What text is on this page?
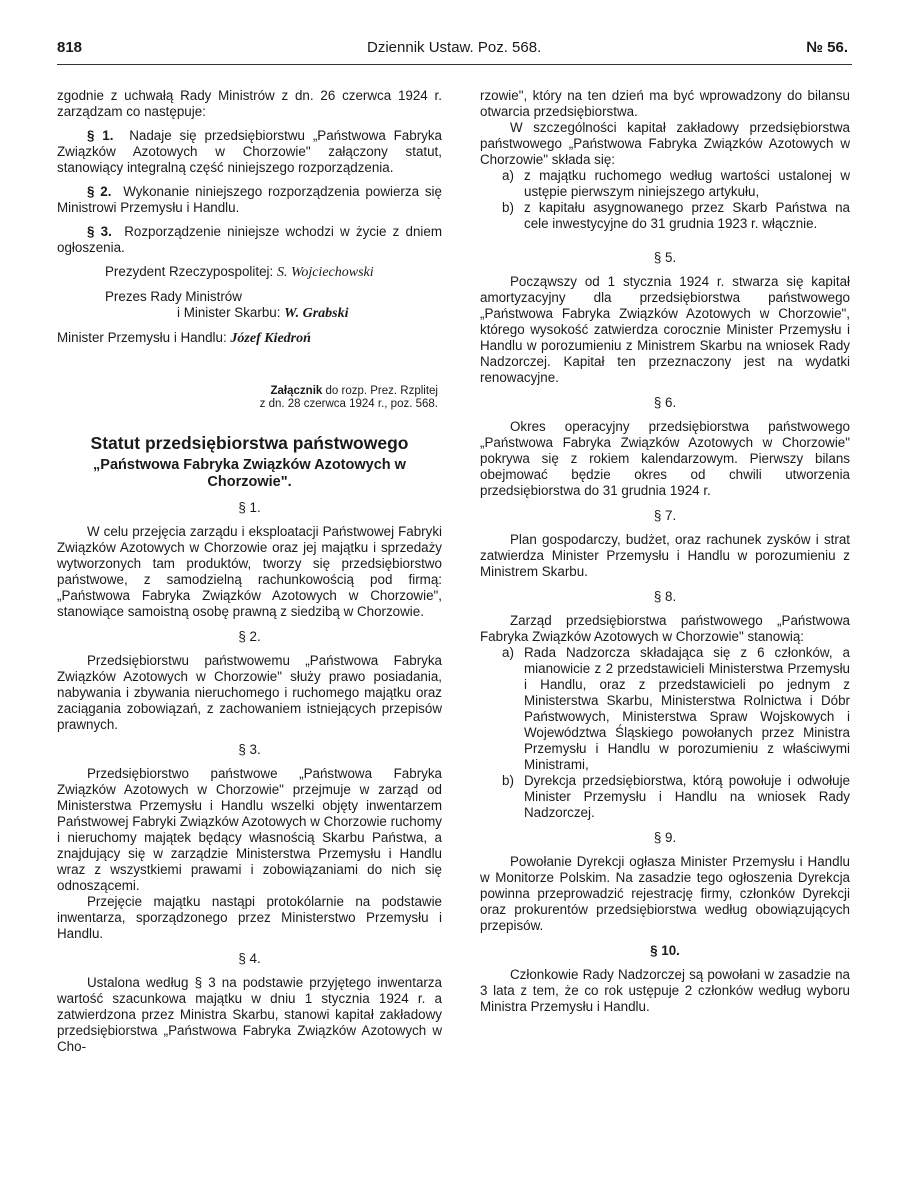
818	Dziennik Ustaw. Poz. 568.	№ 56.

zgodnie z uchwałą Rady Ministrów z dn. 26 czerwca 1924 r. zarządzam co następuje:

§ 1. Nadaje się przedsiębiorstwu „Państwowa Fabryka Związków Azotowych w Chorzowie" załączony statut, stanowiący integralną część niniejszego rozporządzenia.

§ 2. Wykonanie niniejszego rozporządzenia powierza się Ministrowi Przemysłu i Handlu.

§ 3. Rozporządzenie niniejsze wchodzi w życie z dniem ogłoszenia.

Prezydent Rzeczypospolitej: S. Wojciechowski
Prezes Rady Ministrów
i Minister Skarbu: W. Grabski
Minister Przemysłu i Handlu: Józef Kiedroń
Załącznik do rozp. Prez. Rzplitej
z dn. 28 czerwca 1924 r., poz. 568.
Statut przedsiębiorstwa państwowego
„Państwowa Fabryka Związków Azotowych w Chorzowie".
§ 1.

W celu przejęcia zarządu i eksploatacji Państwowej Fabryki Związków Azotowych w Chorzowie oraz jej majątku i sprzedaży wytworzonych tam produktów, tworzy się przedsiębiorstwo państwowe, z samodzielną rachunkowością pod firmą: „Państwowa Fabryka Związków Azotowych w Chorzowie", stanowiące samoistną osobę prawną z siedzibą w Chorzowie.

§ 2.

Przedsiębiorstwu państwowemu „Państwowa Fabryka Związków Azotowych w Chorzowie" służy prawo posiadania, nabywania i zbywania nieruchomego i ruchomego majątku oraz zaciągania zobowiązań, z zachowaniem istniejących przepisów prawnych.

§ 3.

Przedsiębiorstwo państwowe „Państwowa Fabryka Związków Azotowych w Chorzowie" przejmuje w zarząd od Ministerstwa Przemysłu i Handlu wszelki objęty inwentarzem Państwowej Fabryki Związków Azotowych w Chorzowie ruchomy i nieruchomy majątek będący własnością Skarbu Państwa, a znajdujący się w zarządzie Ministerstwa Przemysłu i Handlu wraz z wszystkiemi prawami i zobowiązaniami do nich się odnoszącemi.

Przejęcie majątku nastąpi protokólarnie na podstawie inwentarza, sporządzonego przez Ministerstwo Przemysłu i Handlu.

§ 4.

Ustalona według § 3 na podstawie przyjętego inwentarza wartość szacunkowa majątku w dniu 1 stycznia 1924 r. a zatwierdzona przez Ministra Skarbu, stanowi kapitał zakładowy przedsiębiorstwa „Państwowa Fabryka Związków Azotowych w Cho-

rzowie", który na ten dzień ma być wprowadzony do bilansu otwarcia przedsiębiorstwa.

W szczególności kapitał zakładowy przedsiębiorstwa państwowego „Państwowa Fabryka Związków Azotowych w Chorzowie" składa się:

a) z majątku ruchomego według wartości ustalonej w ustępie pierwszym niniejszego artykułu,

b) z kapitału asygnowanego przez Skarb Państwa na cele inwestycyjne do 31 grudnia 1923 r. włącznie.

§ 5.

Począwszy od 1 stycznia 1924 r. stwarza się kapitał amortyzacyjny dla przedsiębiorstwa państwowego „Państwowa Fabryka Związków Azotowych w Chorzowie", którego wysokość zatwierdza corocznie Minister Przemysłu i Handlu w porozumieniu z Ministrem Skarbu na wniosek Rady Nadzorczej. Kapitał ten przeznaczony jest na wydatki renowacyjne.

§ 6.

Okres operacyjny przedsiębiorstwa państwowego „Państwowa Fabryka Związków Azotowych w Chorzowie" pokrywa się z rokiem kalendarzowym. Pierwszy bilans obejmować będzie okres od chwili utworzenia przedsiębiorstwa do 31 grudnia 1924 r.

§ 7.

Plan gospodarczy, budżet, oraz rachunek zysków i strat zatwierdza Minister Przemysłu i Handlu w porozumieniu z Ministrem Skarbu.

§ 8.

Zarząd przedsiębiorstwa państwowego „Państwowa Fabryka Związków Azotowych w Chorzowie" stanowią:

a) Rada Nadzorcza składająca się z 6 członków, a mianowicie z 2 przedstawicieli Ministerstwa Przemysłu i Handlu, oraz z przedstawicieli po jednym z Ministerstwa Skarbu, Ministerstwa Rolnictwa i Dóbr Państwowych, Ministerstwa Spraw Wojskowych i Województwa Śląskiego powołanych przez Ministra Przemysłu i Handlu w porozumieniu z właściwymi Ministrami,

b) Dyrekcja przedsiębiorstwa, którą powołuje i odwołuje Minister Przemysłu i Handlu na wniosek Rady Nadzorczej.

§ 9.

Powołanie Dyrekcji ogłasza Minister Przemysłu i Handlu w Monitorze Polskim. Na zasadzie tego ogłoszenia Dyrekcja powinna przeprowadzić rejestrację firmy, członków Dyrekcji oraz prokurentów przedsiębiorstwa według obowiązujących przepisów.

§ 10.

Członkowie Rady Nadzorczej są powołani w zasadzie na 3 lata z tem, że co rok ustępuje 2 członków według wyboru Ministra Przemysłu i Handlu.
